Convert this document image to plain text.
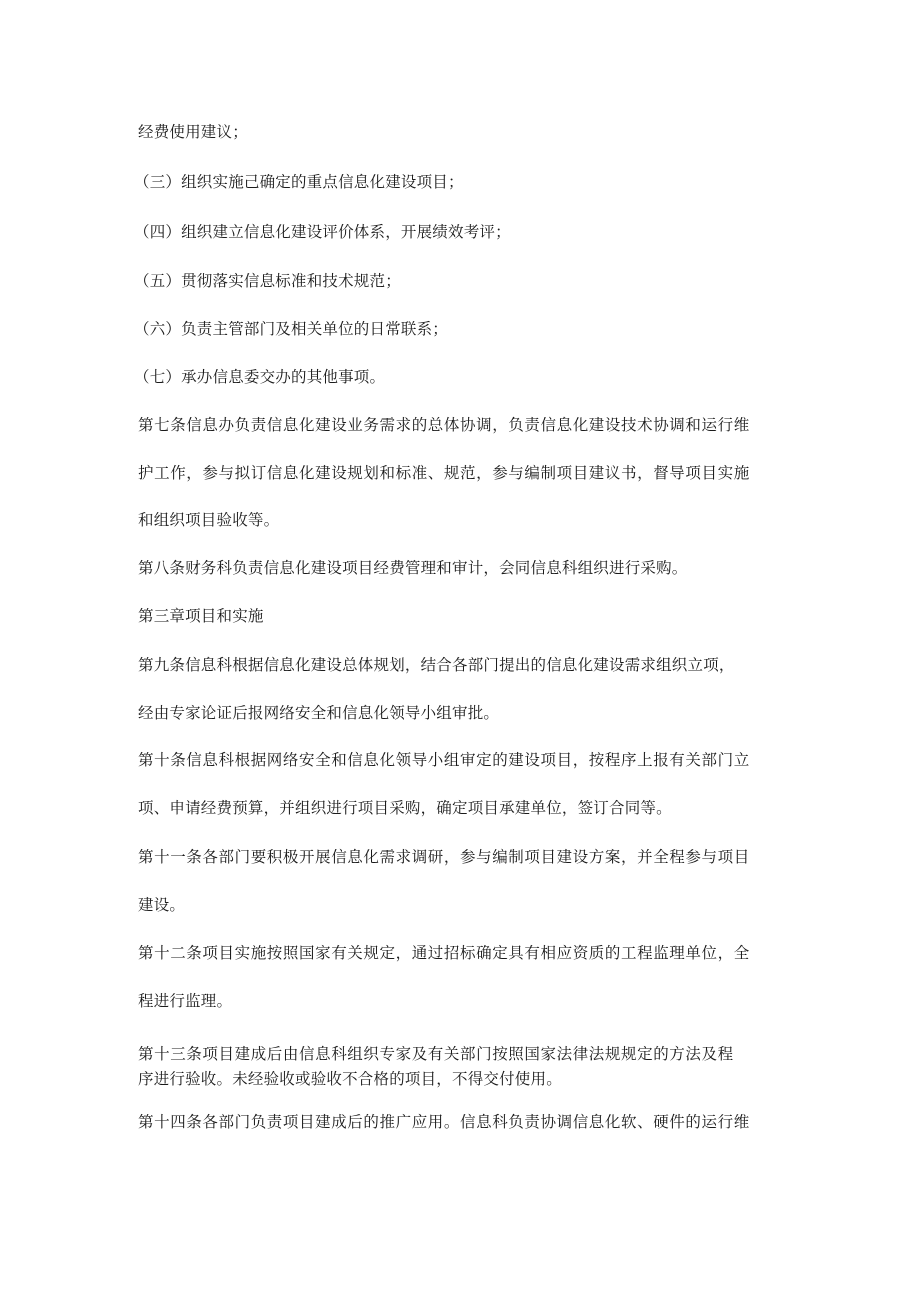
经费使用建议；
（三）组织实施己确定的重点信息化建设项目；
（四）组织建立信息化建设评价体系，开展绩效考评；
（五）贯彻落实信息标准和技术规范；
（六）负责主管部门及相关单位的日常联系；
（七）承办信息委交办的其他事项。
第七条信息办负责信息化建设业务需求的总体协调，负责信息化建设技术协调和运行维
护工作，参与拟订信息化建设规划和标准、规范，参与编制项目建议书，督导项目实施
和组织项目验收等。
第八条财务科负责信息化建设项目经费管理和审计，会同信息科组织进行采购。
第三章项目和实施
第九条信息科根据信息化建设总体规划，结合各部门提出的信息化建设需求组织立项，
经由专家论证后报网络安全和信息化领导小组审批。
第十条信息科根据网络安全和信息化领导小组审定的建设项目，按程序上报有关部门立
项、申请经费预算，并组织进行项目采购，确定项目承建单位，签订合同等。
第十一条各部门要积极开展信息化需求调研，参与编制项目建设方案，并全程参与项目
建设。
第十二条项目实施按照国家有关规定，通过招标确定具有相应资质的工程监理单位，全
程进行监理。
第十三条项目建成后由信息科组织专家及有关部门按照国家法律法规规定的方法及程
序进行验收。未经验收或验收不合格的项目，不得交付使用。
第十四条各部门负责项目建成后的推广应用。信息科负责协调信息化软、硬件的运行维
